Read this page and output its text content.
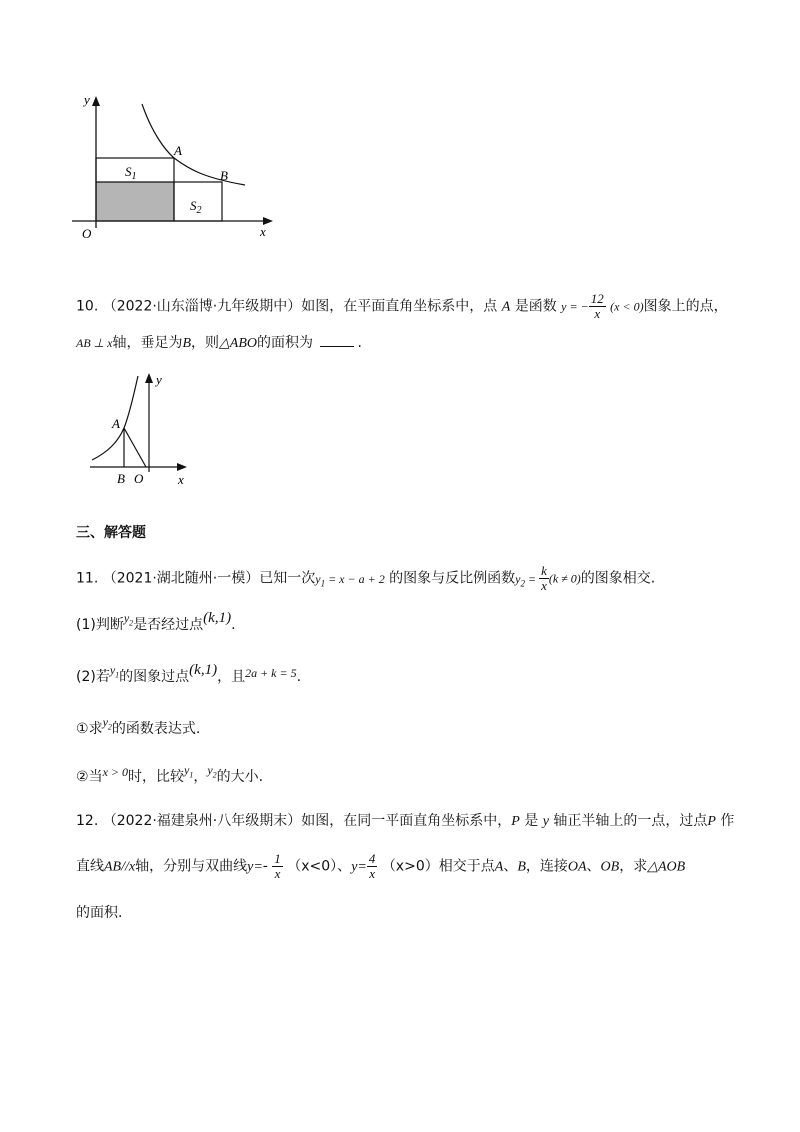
y
x
O
A
B
$S_1$
$S_2$
10. （2022·山东淄博·九年级期中）如图，在平面直角坐标系中，点 A 是函数 y = − $\frac{12}{x} (x < 0)$图象上的点，
AB ⊥ x轴，垂足为B，则△ABO的面积为	.
y
x
A
B O
三、解答题
11. （2021·湖北随州·一模）已知一次$y_1 = x - a + 2$ 的图象与反比例函数$y_2 = \frac{k}{x} (k \ne 0)$的图象相交.
(1)判断$y_2$是否经过点(k,1).
(2)若$y_1$的图象过点(k,1)，且2a + k = 5.
①求$y_2$的函数表达式.
②当x > 0时，比较$y_1$，$y_2$的大小.
12. （2022·福建泉州·八年级期末）如图，在同一平面直角坐标系中，P 是 y 轴正半轴上的一点，过点P 作
直线AB//x轴，分别与双曲线$y=- \frac{1}{x} (x<0)$、$y= \frac{4}{x} (x>0)$相交于点A、B，连接OA、OB，求△AOB
的面积.
